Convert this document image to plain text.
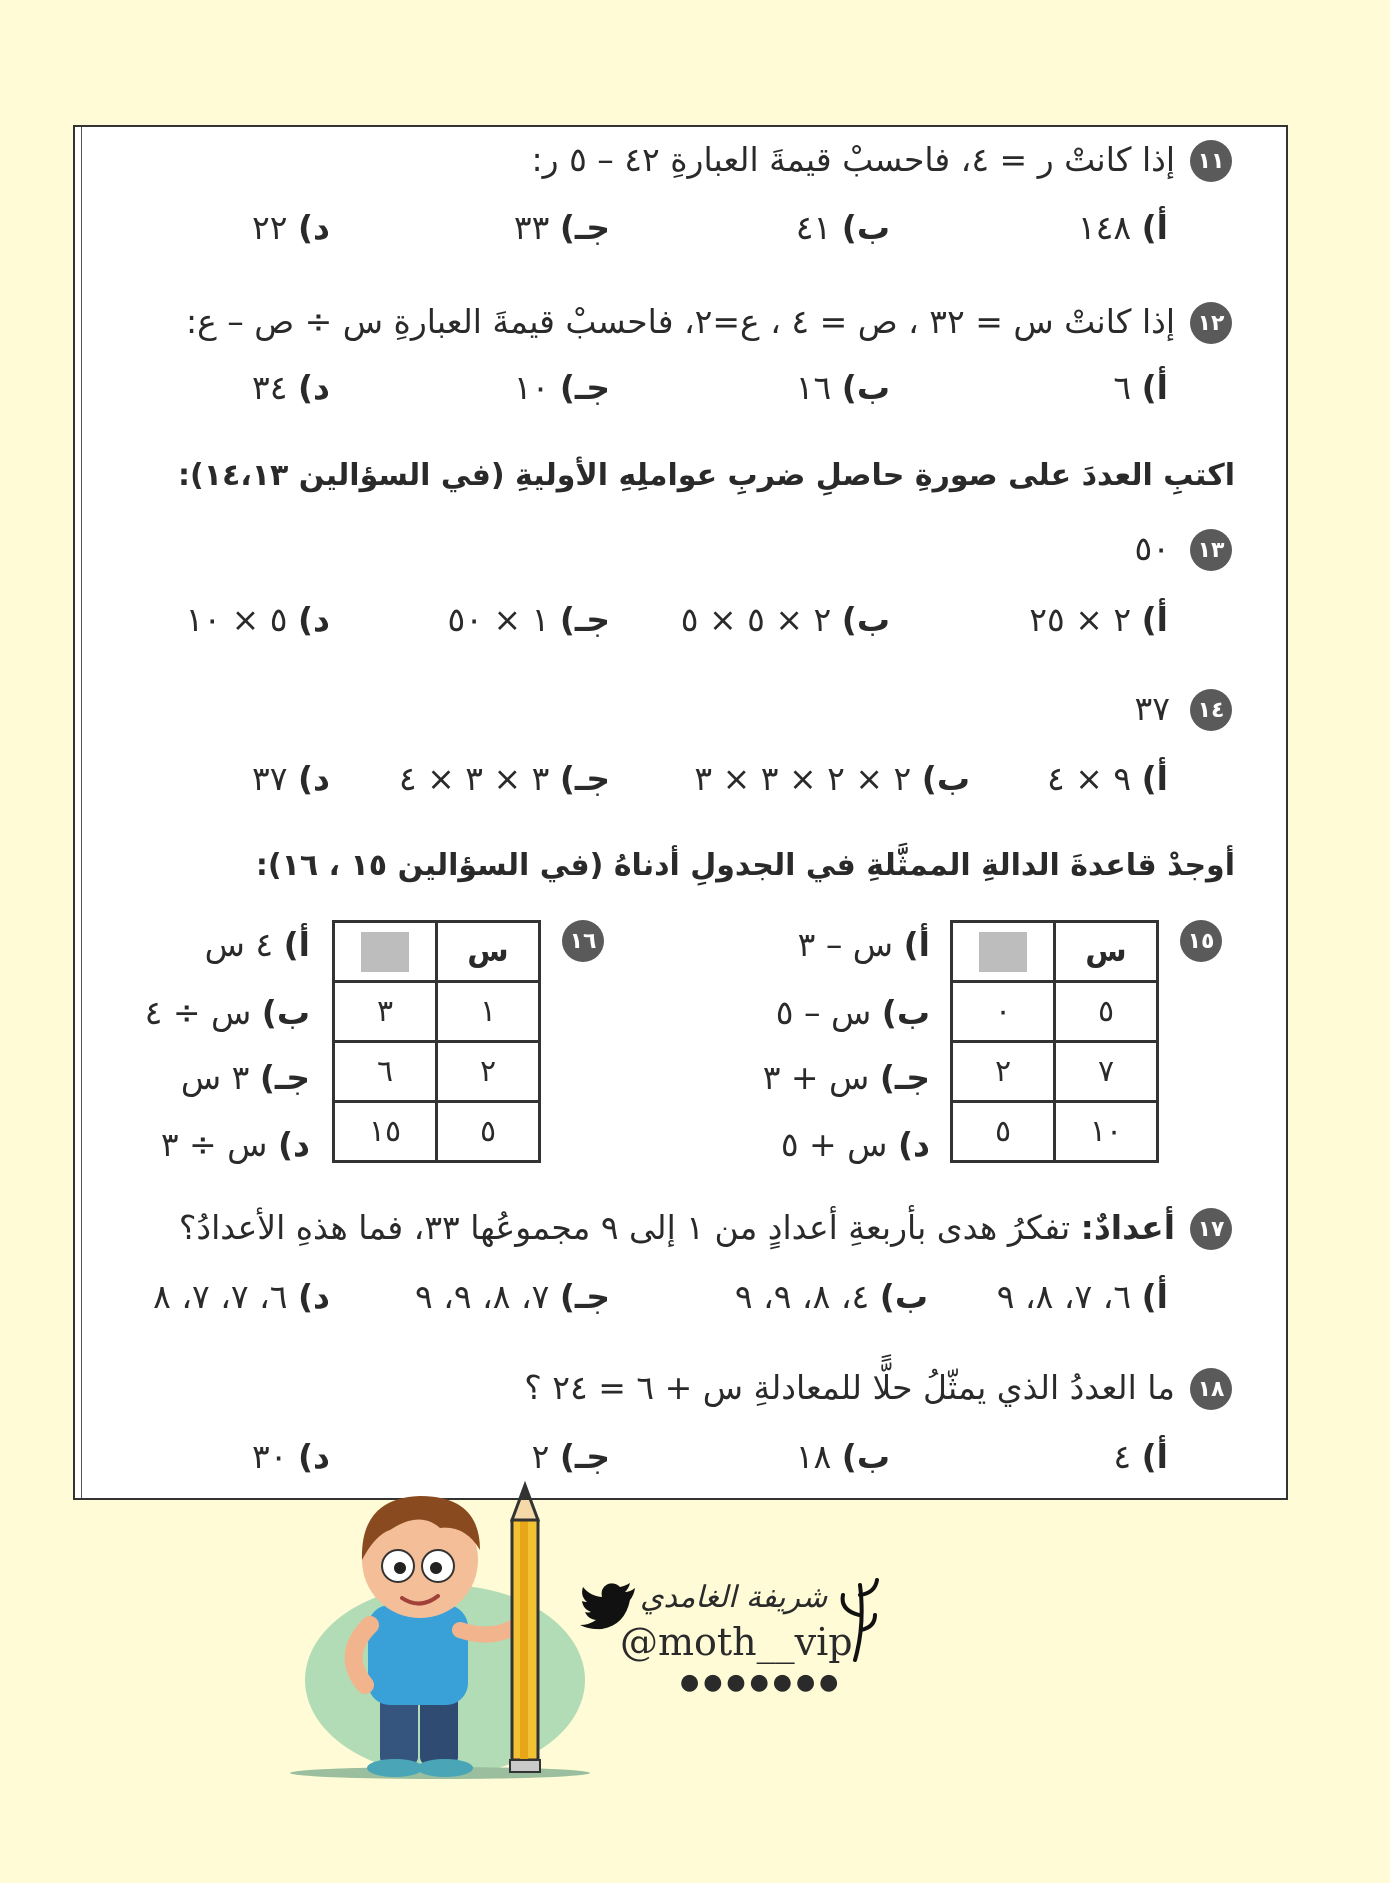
١١
إذا كانتْ ر = ٤، فاحسبْ قيمةَ العبارةِ ٤٢ – ٥ ر:
أ) ١٤٨
ب) ٤١
جـ) ٣٣
د) ٢٢
١٢
إذا كانتْ س = ٣٢ ، ص = ٤ ، ع=٢، فاحسبْ قيمةَ العبارةِ س ÷ ص – ع:
أ) ٦
ب) ١٦
جـ) ١٠
د) ٣٤
اكتبِ العددَ على صورةِ حاصلِ ضربِ عواملِهِ الأوليةِ (في السؤالين ١٤،١٣):
١٣
٥٠
أ) ٢ × ٢٥
ب) ٢ × ٥ × ٥
جـ) ١ × ٥٠
د) ٥ × ١٠
١٤
٣٧
أ) ٩ × ٤
ب) ٢ × ٢ × ٣ × ٣
جـ) ٣ × ٣ × ٤
د) ٣٧
أوجدْ قاعدةَ الدالةِ الممثَّلةِ في الجدولِ أدناهُ (في السؤالين ١٥ ، ١٦):
١٥
س	
٥	٠
٧	٢
١٠	٥
أ) س – ٣
ب) س – ٥
جـ) س + ٣
د) س + ٥
١٦
س	
١	٣
٢	٦
٥	١٥
أ) ٤ س
ب) س ÷ ٤
جـ) ٣ س
د) س ÷ ٣
١٧
أعدادٌ: تفكرُ هدى بأربعةِ أعدادٍ من ١ إلى ٩ مجموعُها ٣٣، فما هذهِ الأعدادُ؟
أ) ٦، ٧، ٨، ٩
ب) ٤، ٨، ٩، ٩
جـ) ٧، ٨، ٩، ٩
د) ٦، ٧، ٧، ٨
١٨
ما العددُ الذي يمثّلُ حلًّا للمعادلةِ س + ٦ = ٢٤ ؟
أ) ٤
ب) ١٨
جـ) ٢
د) ٣٠
شريفة الغامدي
@moth__vip
●●●●●●●
